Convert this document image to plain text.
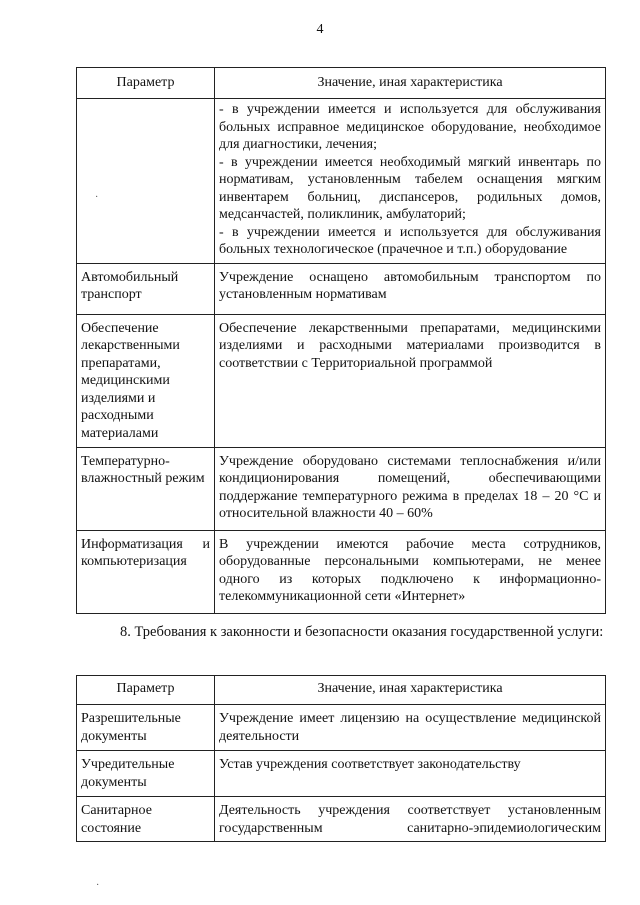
4
Параметр	Значение, иная характеристика
	- в учреждении имеется и используется для обслуживания больных исправное медицинское оборудование, необходимое для диагностики, лечения;
- в учреждении имеется необходимый мягкий инвентарь по нормативам, установленным табелем оснащения мягким инвентарем больниц, диспансеров, родильных домов, медсанчастей, поликлиник, амбулаторий;
- в учреждении имеется и используется для обслуживания больных технологическое (прачечное и т.п.) оборудование
Автомобильный транспорт	Учреждение оснащено автомобильным транспортом по установленным нормативам
Обеспечение лекарственными препаратами, медицинскими изделиями и расходными материалами	Обеспечение лекарственными препаратами, медицинскими изделиями и расходными материалами производится в соответствии с Территориальной программой
Температурно-влажностный режим	Учреждение оборудовано системами теплоснабжения и/или кондиционирования помещений, обеспечивающими поддержание температурного режима в пределах 18 – 20 °С и относительной влажности 40 – 60%
Информатизация и компьютеризация	В учреждении имеются рабочие места сотрудников, оборудованные персональными компьютерами, не менее одного из которых подключено к информационно-телекоммуникационной сети «Интернет»
8. Требования к законности и безопасности оказания государственной услуги:
Параметр	Значение, иная характеристика
Разрешительные документы	Учреждение имеет лицензию на осуществление медицинской деятельности
Учредительные документы	Устав учреждения соответствует законодательству
Санитарное состояние	Деятельность учреждения соответствует установленным государственным санитарно-эпидемиологическим
·
·
